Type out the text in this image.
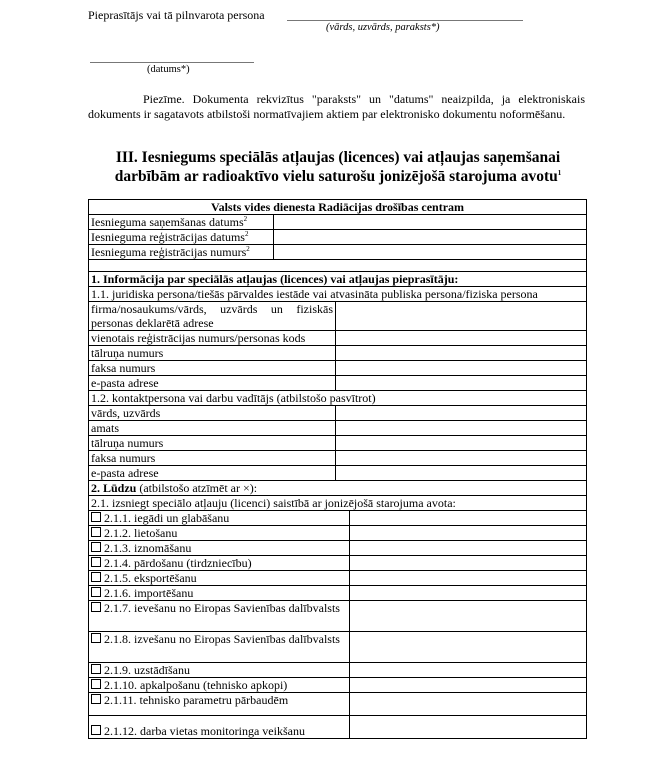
Pieprasītājs vai tā pilnvarota persona
(vārds, uzvārds, paraksts*)
(datums*)
Piezīme. Dokumenta rekvizītus "paraksts" un "datums" neaizpilda, ja elektroniskais dokuments ir sagatavots atbilstoši normatīvajiem aktiem par elektronisko dokumentu noformēšanu.
III. Iesniegums speciālās atļaujas (licences) vai atļaujas saņemšanai
darbībām ar radioaktīvo vielu saturošu jonizējošā starojuma avotu$^1$
Valsts vides dienesta Radiācijas drošības centram			
Iesnieguma saņemšanas datums$^2$	
Iesnieguma reģistrācijas datums$^2$	
Iesnieguma reģistrācijas numurs$^2$	

1. Informācija par speciālās atļaujas (licences) vai atļaujas pieprasītāju:			
1.1. juridiska persona/tiešās pārvaldes iestāde vai atvasināta publiska persona/fiziska persona			
firma/nosaukums/vārds, uzvārds un fiziskās personas deklarētā adrese			
vienotais reģistrācijas numurs/personas kods			
tālruņa numurs			
faksa numurs			
e-pasta adrese			
1.2. kontaktpersona vai darbu vadītājs (atbilstošo pasvītrot)			
vārds, uzvārds			
amats			
tālruņa numurs			
faksa numurs			
e-pasta adrese			
2. Lūdzu (atbilstošo atzīmēt ar ×):			
2.1. izsniegt speciālo atļauju (licenci) saistībā ar jonizējošā starojuma avota:			
2.1.1. iegādi un glabāšanu			
2.1.2. lietošanu			
2.1.3. iznomāšanu			
2.1.4. pārdošanu (tirdzniecību)			
2.1.5. eksportēšanu			
2.1.6. importēšanu			
2.1.7. ievešanu no Eiropas Savienības dalībvalsts			
2.1.8. izvešanu no Eiropas Savienības dalībvalsts			
2.1.9. uzstādīšanu			
2.1.10. apkalpošanu (tehnisko apkopi)			
2.1.11. tehnisko parametru pārbaudēm			
2.1.12. darba vietas monitoringa veikšanu			
